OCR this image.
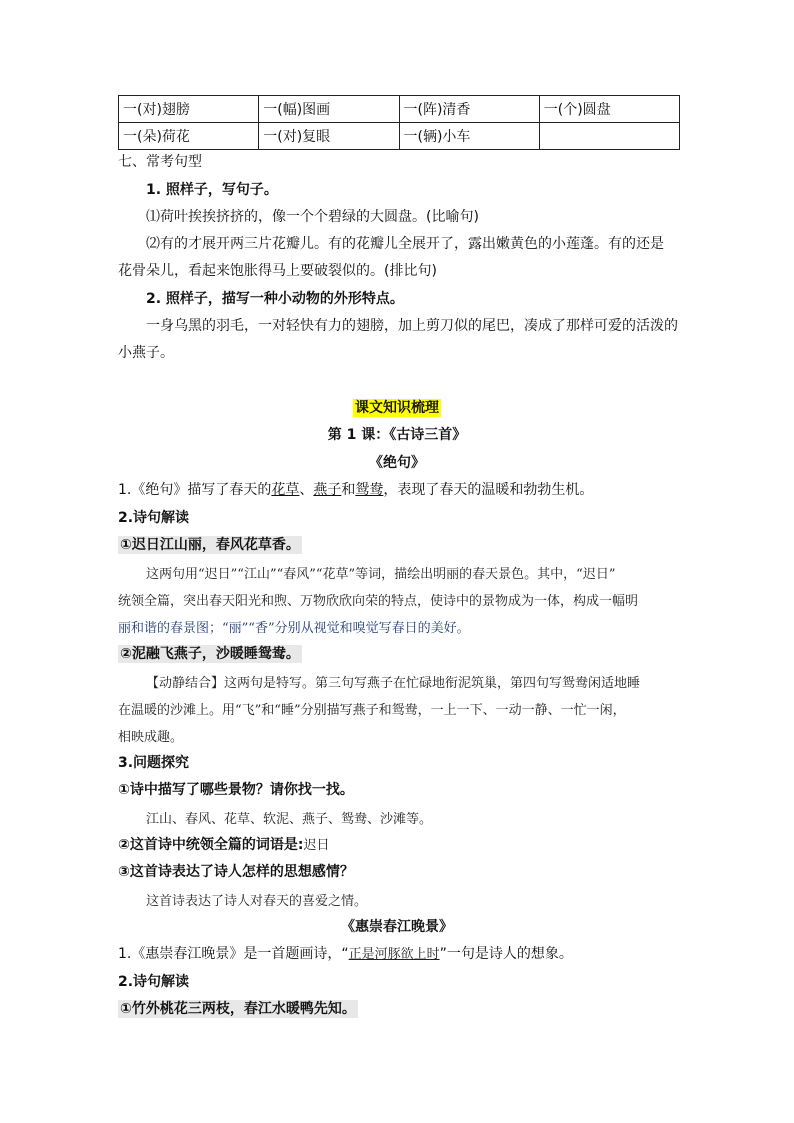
一(对)翅膀	一(幅)图画	一(阵)清香	一(个)圆盘
一(朵)荷花	一(对)复眼	一(辆)小车	
七、常考句型
1. 照样子，写句子。
⑴荷叶挨挨挤挤的，像一个个碧绿的大圆盘。(比喻句)
⑵有的才展开两三片花瓣儿。有的花瓣儿全展开了，露出嫩黄色的小莲蓬。有的还是
花骨朵儿，看起来饱胀得马上要破裂似的。(排比句)
2. 照样子，描写一种小动物的外形特点。
一身乌黑的羽毛，一对轻快有力的翅膀，加上剪刀似的尾巴，凑成了那样可爱的活泼的
小燕子。
课文知识梳理
第 1 课：《古诗三首》
《绝句》
1.《绝句》描写了春天的花草、燕子和鸳鸯，表现了春天的温暖和勃勃生机。
2.诗句解读
①迟日江山丽，春风花草香。
这两句用“迟日”“江山”“春风”“花草”等词，描绘出明丽的春天景色。其中，“迟日”
统领全篇，突出春天阳光和煦、万物欣欣向荣的特点，使诗中的景物成为一体，构成一幅明
丽和谐的春景图；“丽”“香”分别从视觉和嗅觉写春日的美好。
②泥融飞燕子，沙暖睡鸳鸯。
【动静结合】这两句是特写。第三句写燕子在忙碌地衔泥筑巢，第四句写鸳鸯闲适地睡
在温暖的沙滩上。用“飞”和“睡”分别描写燕子和鸳鸯，一上一下、一动一静、一忙一闲，
相映成趣。
3.问题探究
①诗中描写了哪些景物？请你找一找。
江山、春风、花草、软泥、燕子、鸳鸯、沙滩等。
②这首诗中统领全篇的词语是:迟日
③这首诗表达了诗人怎样的思想感情？
这首诗表达了诗人对春天的喜爱之情。
《惠崇春江晚景》
1.《惠崇春江晚景》是一首题画诗，“正是河豚欲上时”一句是诗人的想象。
2.诗句解读
①竹外桃花三两枝，春江水暖鸭先知。
